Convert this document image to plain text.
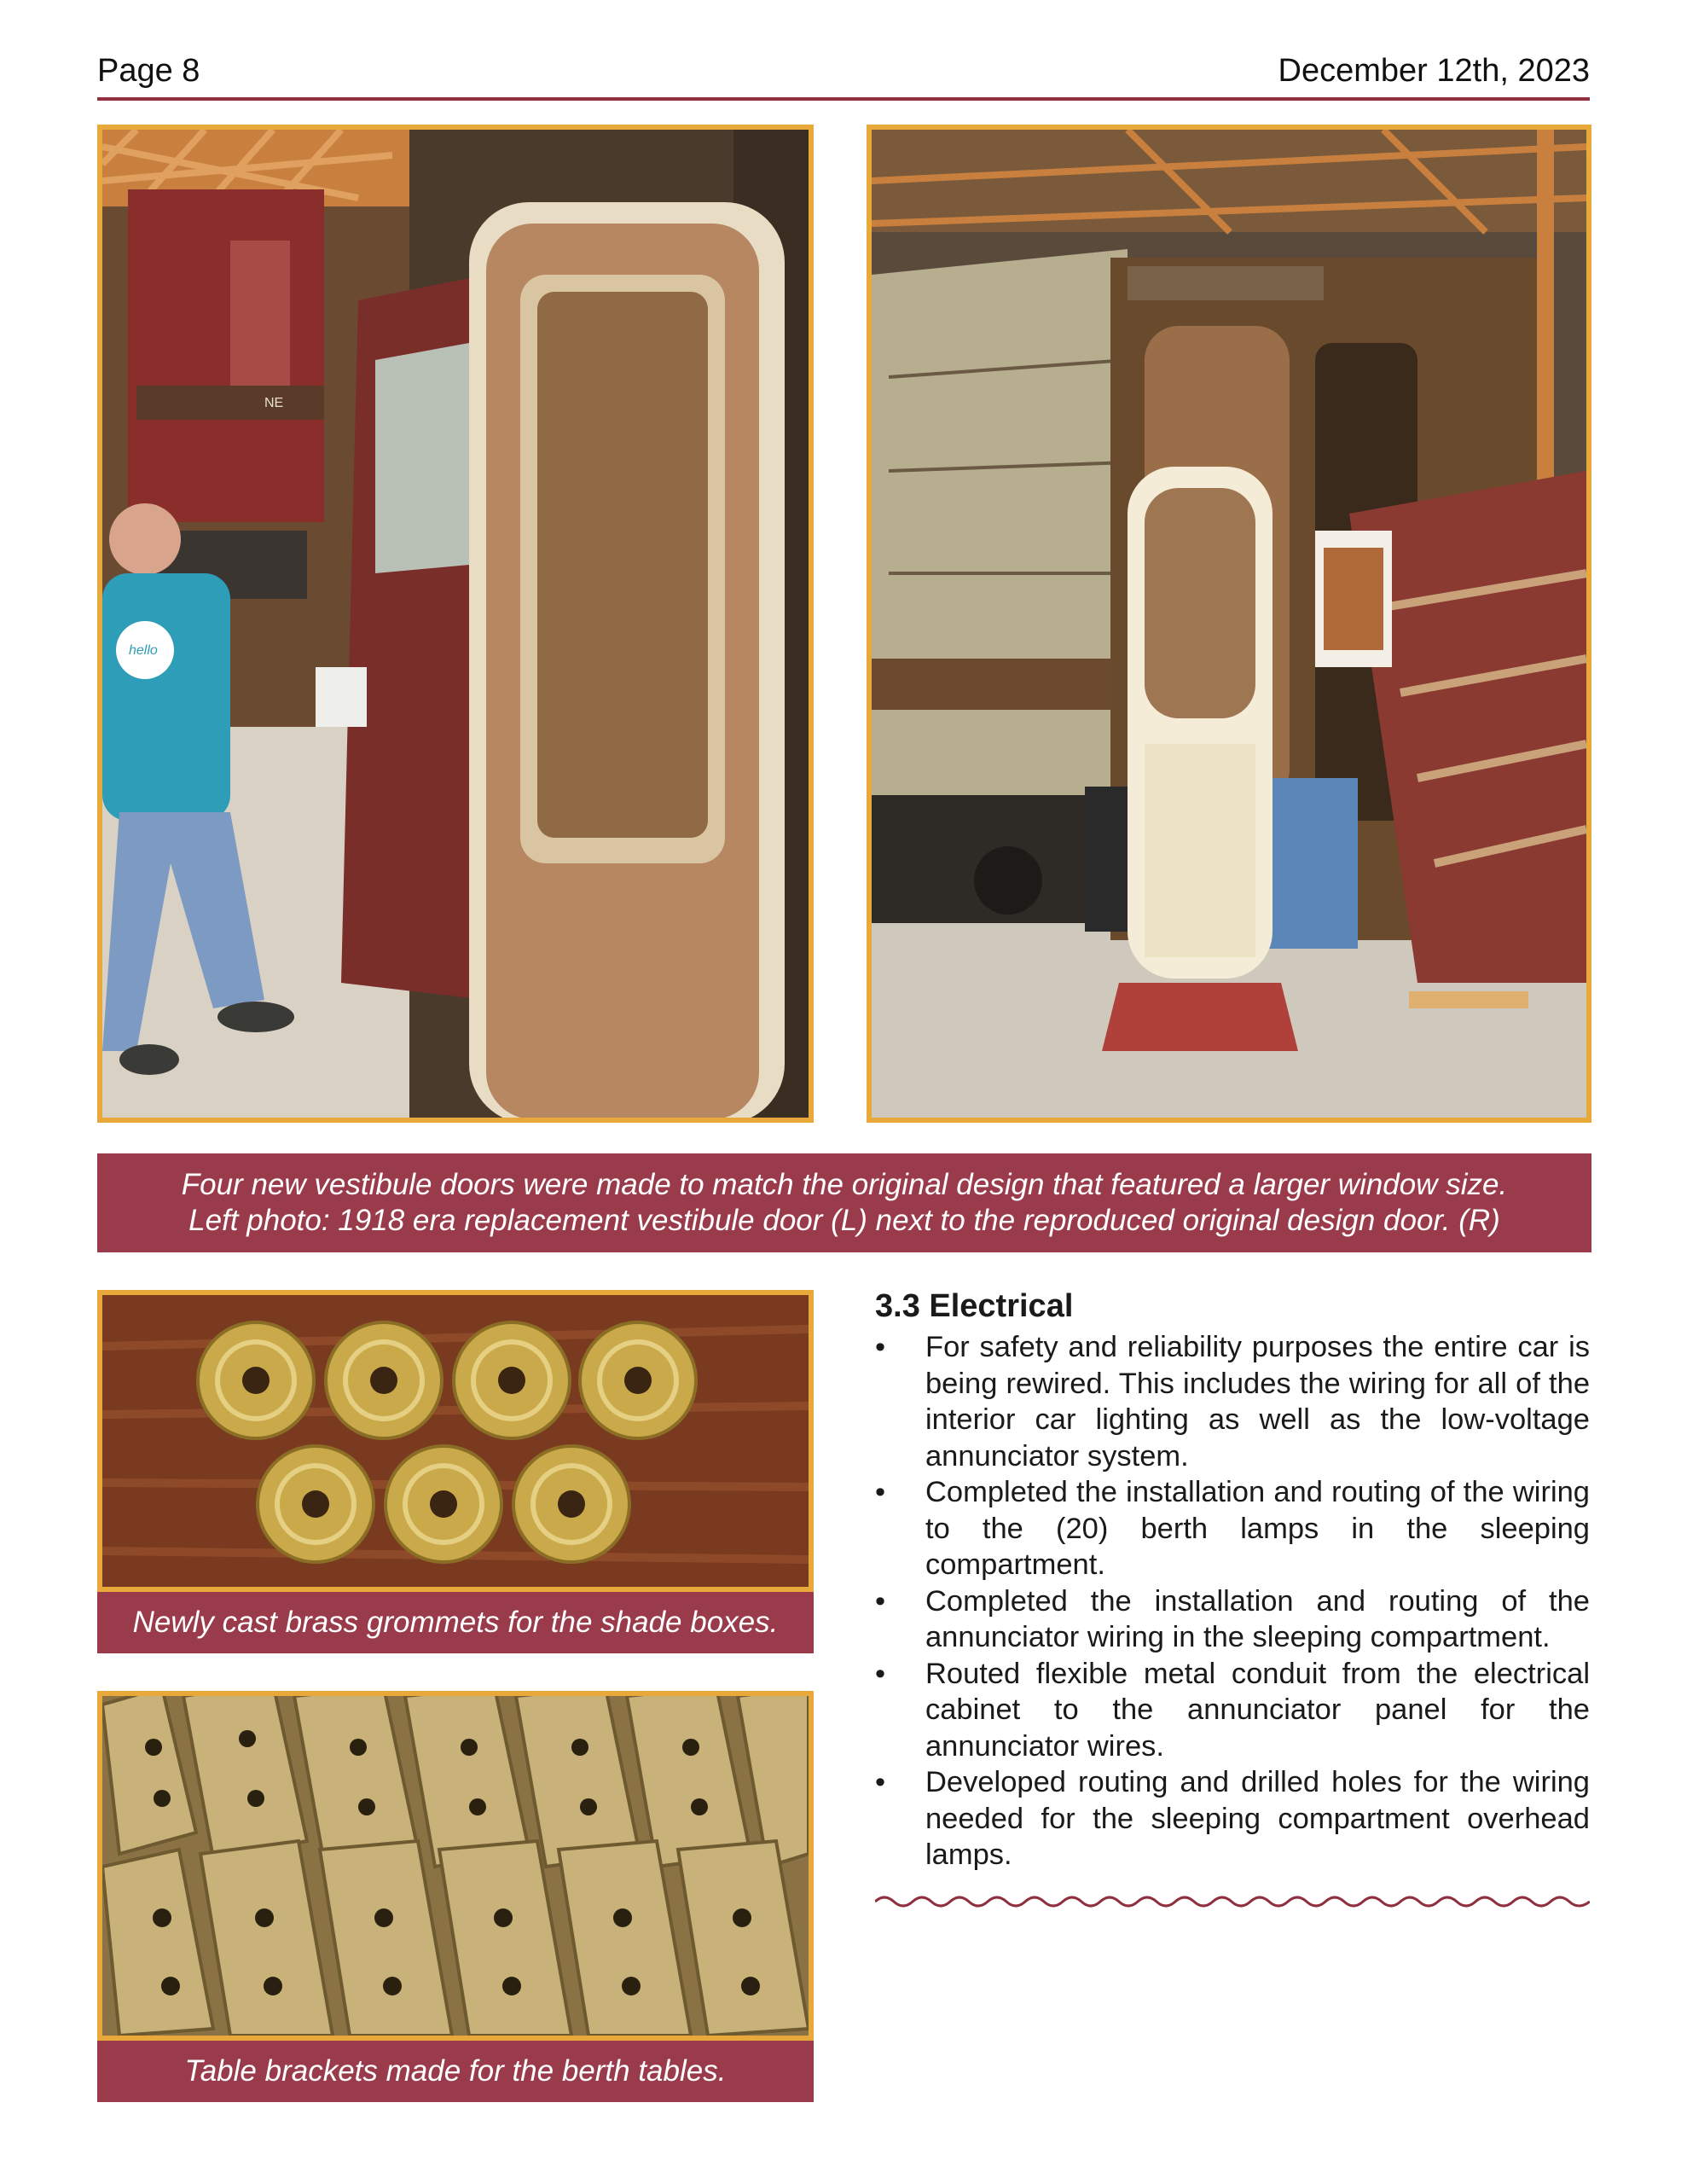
Page 8	December 12th, 2023
NE
hello
Four new vestibule doors were made to match the original design that featured a larger window size.
Left photo: 1918 era replacement vestibule door (L) next to the reproduced original design door. (R)
Newly cast brass grommets for the shade boxes.
Table brackets made for the berth tables.
3.3 Electrical
•	For safety and reliability purposes the entire car is being rewired. This includes the wiring for all of the interior car lighting as well as the low-voltage annunciator system.
•	Completed the installation and routing of the wiring to the (20) berth lamps in the sleeping compartment.
•	Completed the installation and routing of the annunciator wiring in the sleeping compartment.
•	Routed flexible metal conduit from the electrical cabinet to the annunciator panel for the annunciator wires.
•	Developed routing and drilled holes for the wiring needed for the sleeping compartment overhead lamps.
